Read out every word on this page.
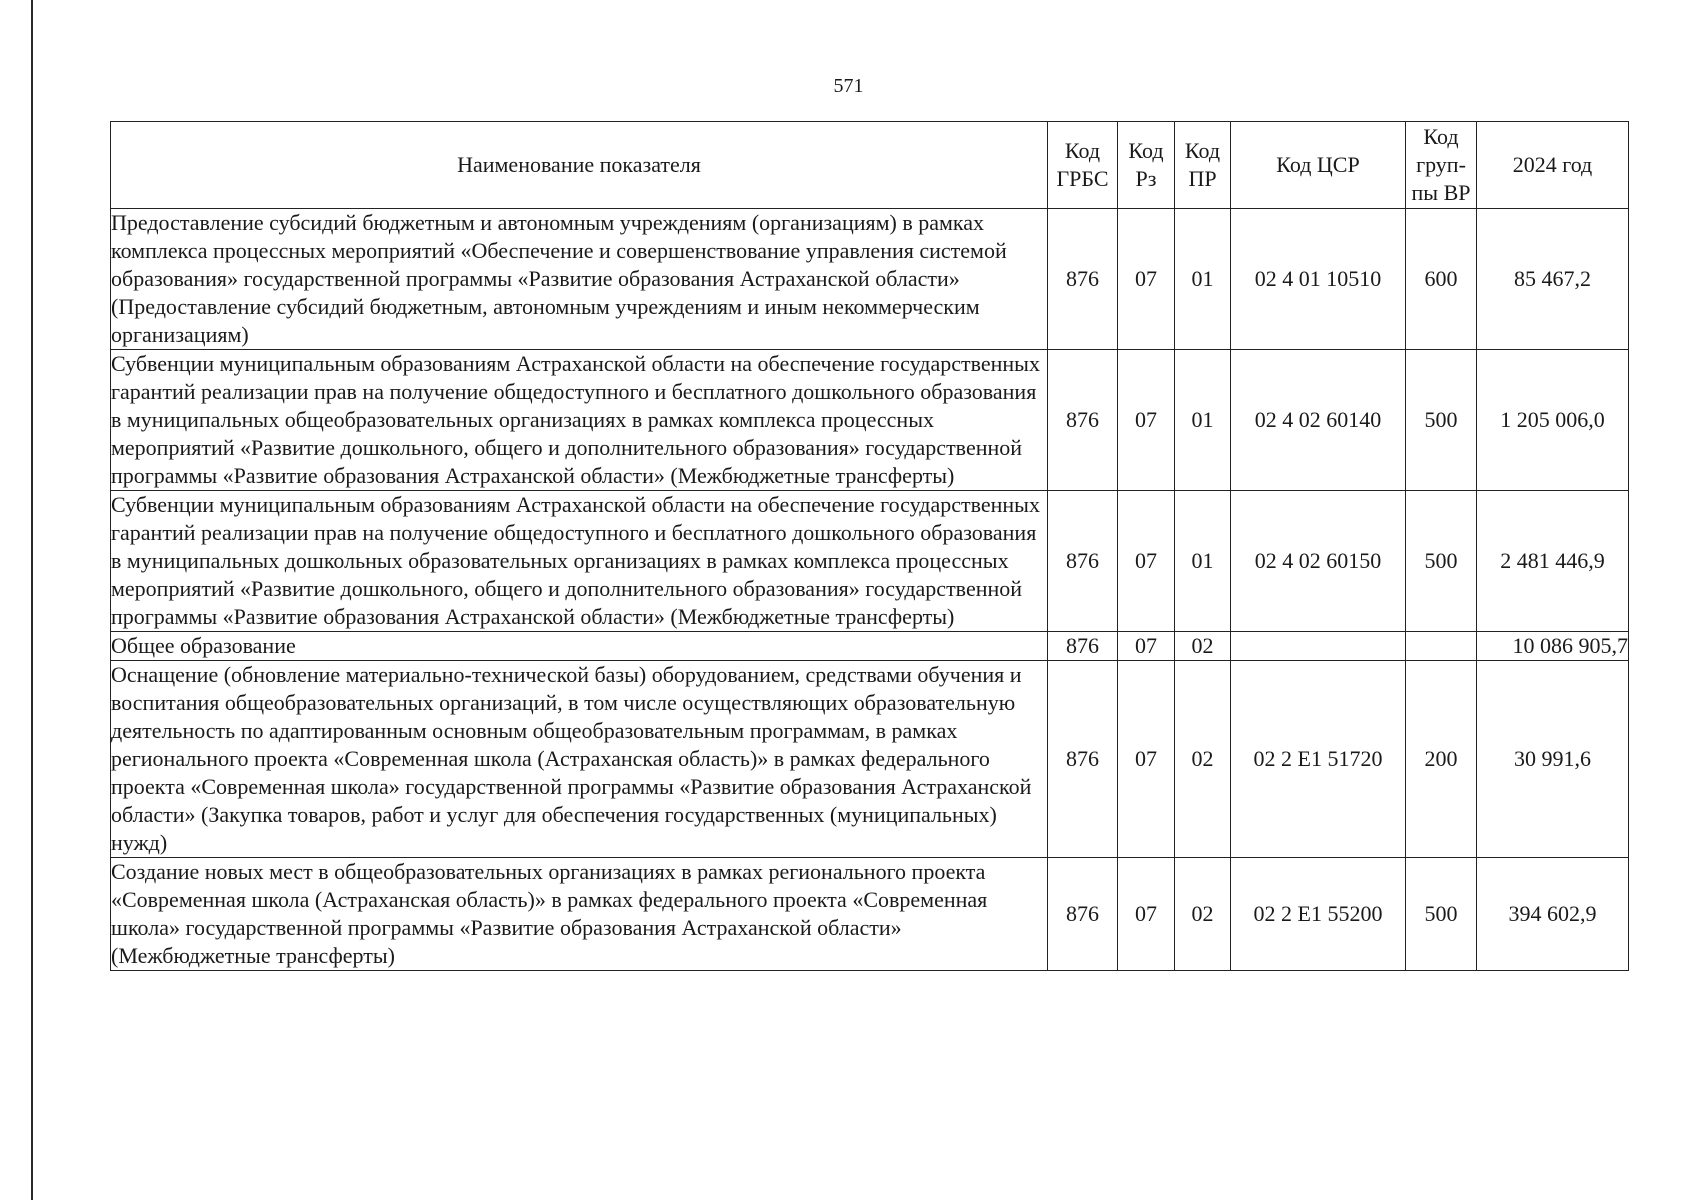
571
Наименование показателя	Код ГРБС	Код Рз	Код ПР	Код ЦСР	Код груп-пы ВР	2024 год

Предоставление субсидий бюджетным и автономным учреждениям (организациям) в рамках комплекса процессных мероприятий «Обеспечение и совершенствование управления системой образования» государственной программы «Развитие образования Астраханской области» (Предоставление субсидий бюджетным, автономным учреждениям и иным некоммерческим организациям)	876	07	01	02 4 01 10510	600	85 467,2
Субвенции муниципальным образованиям Астраханской области на обеспечение государственных гарантий реализации прав на получение общедоступного и бесплатного дошкольного образования в муниципальных общеобразовательных организациях в рамках комплекса процессных мероприятий «Развитие дошкольного, общего и дополнительного образования» государственной программы «Развитие образования Астраханской области» (Межбюджетные трансферты)	876	07	01	02 4 02 60140	500	1 205 006,0
Субвенции муниципальным образованиям Астраханской области на обеспечение государственных гарантий реализации прав на получение общедоступного и бесплатного дошкольного образования в муниципальных дошкольных образовательных организациях в рамках комплекса процессных мероприятий «Развитие дошкольного, общего и дополнительного образования» государственной программы «Развитие образования Астраханской области» (Межбюджетные трансферты)	876	07	01	02 4 02 60150	500	2 481 446,9
Общее образование	876	07	02			10 086 905,7
Оснащение (обновление материально-технической базы) оборудованием, средствами обучения и воспитания общеобразовательных организаций, в том числе осуществляющих образовательную деятельность по адаптированным основным общеобразовательным программам, в рамках регионального проекта «Современная школа (Астраханская область)» в рамках федерального проекта «Современная школа» государственной программы «Развитие образования Астраханской области» (Закупка товаров, работ и услуг для обеспечения государственных (муниципальных) нужд)	876	07	02	02 2 E1 51720	200	30 991,6
Создание новых мест в общеобразовательных организациях в рамках регионального проекта «Современная школа (Астраханская область)» в рамках федерального проекта «Современная школа» государственной программы «Развитие образования Астраханской области» (Межбюджетные трансферты)	876	07	02	02 2 E1 55200	500	394 602,9
